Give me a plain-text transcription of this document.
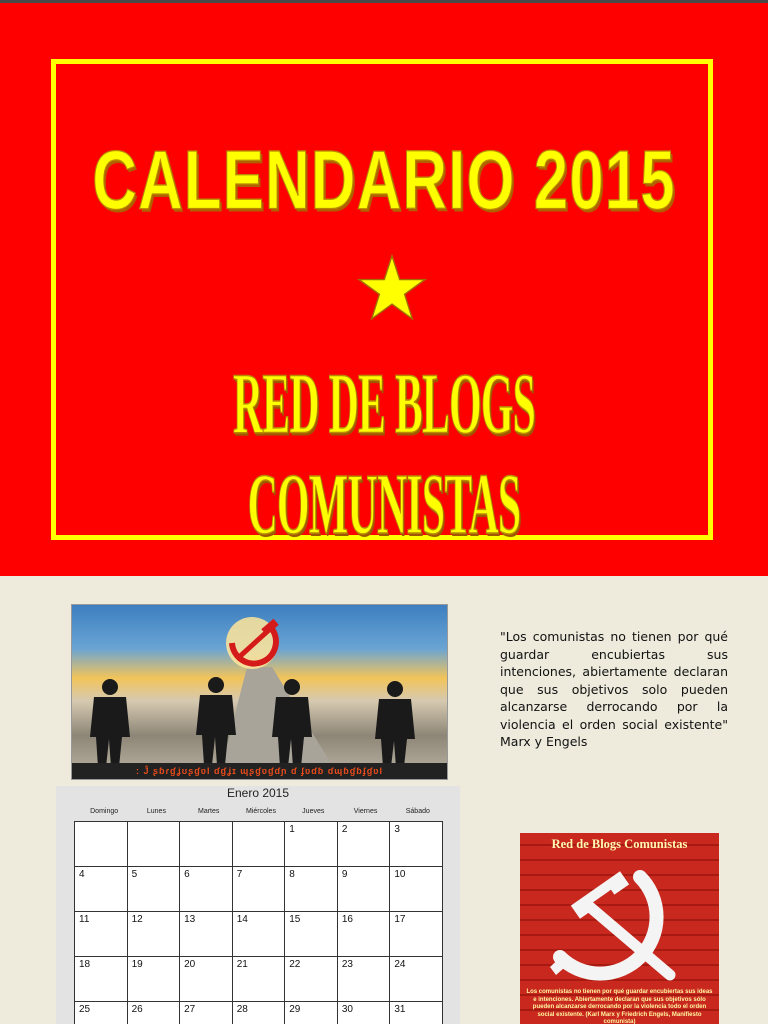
CALENDARIO 2015
RED DE BLOGS COMUNISTAS
: Ĵ ʂɓɾɠʝʊʂɠʋƖ ɗɠʝɪ ɰʂɠʋɠɗɲ ɗ ʄʋɗɓ ɗɰɓɠɓʄɠʋƖ
"Los comunistas no tienen por qué guardar encubiertas sus intenciones, abiertamente declaran que sus objetivos solo pueden alcanzarse derrocando por la violencia el orden social existente" Marx y Engels
Enero 2015
Domingo	Lunes	Martes	Miércoles	Jueves	Viernes	Sábado
				1	2	3
4	5	6	7	8	9	10
11	12	13	14	15	16	17
18	19	20	21	22	23	24
25	26	27	28	29	30	31
Red de Blogs Comunistas
Los comunistas no tienen por qué guardar encubiertas sus ideas e intenciones. Abiertamente declaran que sus objetivos sólo pueden alcanzarse derrocando por la violencia todo el orden social existente. (Karl Marx y Friedrich Engels, Manifiesto comunista)
